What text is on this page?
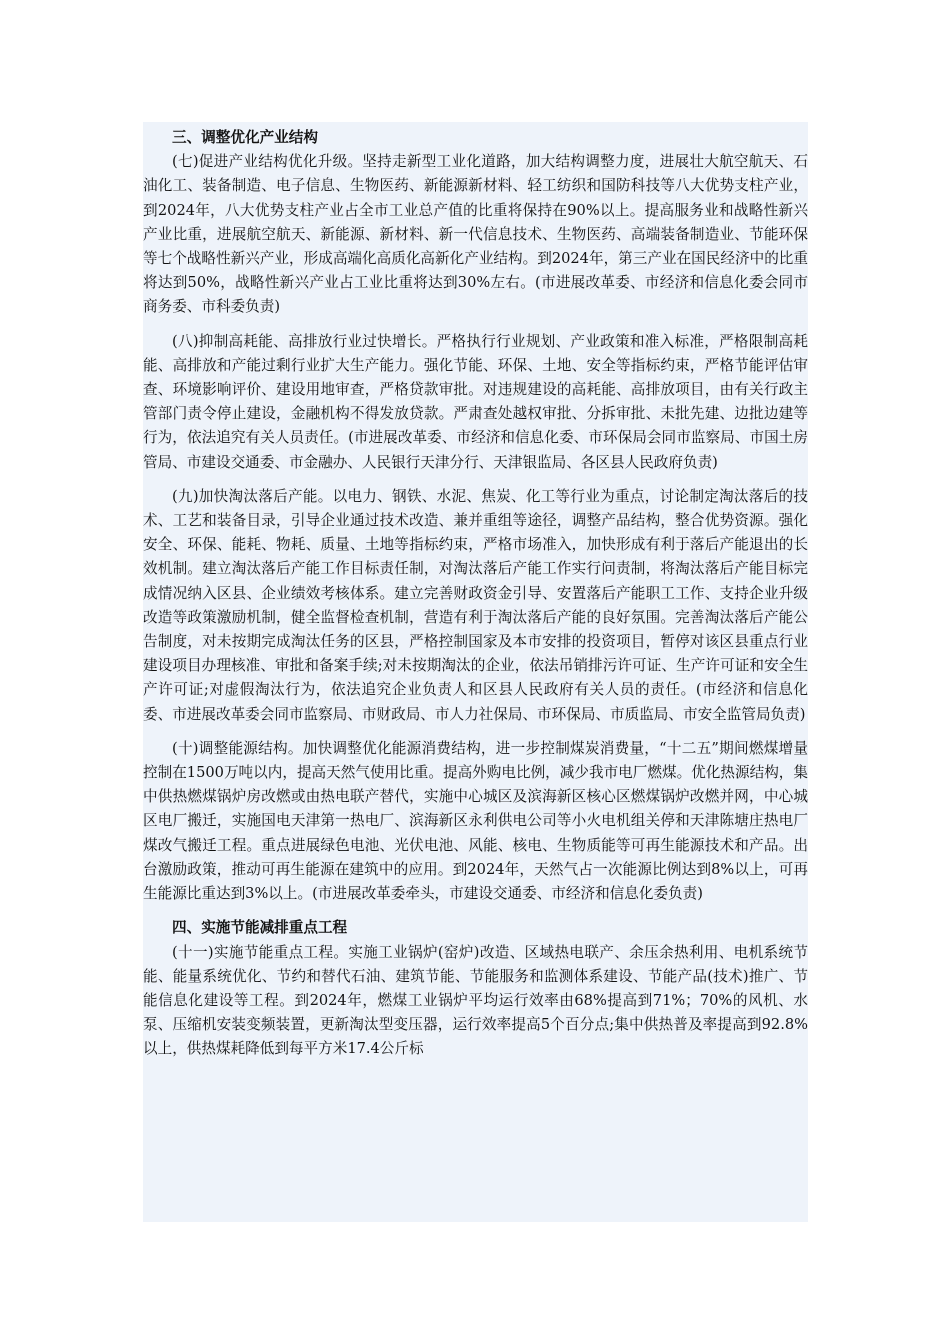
三、调整优化产业结构

(七)促进产业结构优化升级。坚持走新型工业化道路，加大结构调整力度，进展壮大航空航天、石油化工、装备制造、电子信息、生物医药、新能源新材料、轻工纺织和国防科技等八大优势支柱产业，到2024年，八大优势支柱产业占全市工业总产值的比重将保持在90%以上。提高服务业和战略性新兴产业比重，进展航空航天、新能源、新材料、新一代信息技术、生物医药、高端装备制造业、节能环保等七个战略性新兴产业，形成高端化高质化高新化产业结构。到2024年，第三产业在国民经济中的比重将达到50%，战略性新兴产业占工业比重将达到30%左右。(市进展改革委、市经济和信息化委会同市商务委、市科委负责)

(八)抑制高耗能、高排放行业过快增长。严格执行行业规划、产业政策和准入标准，严格限制高耗能、高排放和产能过剩行业扩大生产能力。强化节能、环保、土地、安全等指标约束，严格节能评估审查、环境影响评价、建设用地审查，严格贷款审批。对违规建设的高耗能、高排放项目，由有关行政主管部门责令停止建设，金融机构不得发放贷款。严肃查处越权审批、分拆审批、未批先建、边批边建等行为，依法追究有关人员责任。(市进展改革委、市经济和信息化委、市环保局会同市监察局、市国土房管局、市建设交通委、市金融办、人民银行天津分行、天津银监局、各区县人民政府负责)

(九)加快淘汰落后产能。以电力、钢铁、水泥、焦炭、化工等行业为重点，讨论制定淘汰落后的技术、工艺和装备目录，引导企业通过技术改造、兼并重组等途径，调整产品结构，整合优势资源。强化安全、环保、能耗、物耗、质量、土地等指标约束，严格市场准入，加快形成有利于落后产能退出的长效机制。建立淘汰落后产能工作目标责任制，对淘汰落后产能工作实行问责制，将淘汰落后产能目标完成情况纳入区县、企业绩效考核体系。建立完善财政资金引导、安置落后产能职工工作、支持企业升级改造等政策激励机制，健全监督检查机制，营造有利于淘汰落后产能的良好氛围。完善淘汰落后产能公告制度，对未按期完成淘汰任务的区县，严格控制国家及本市安排的投资项目，暂停对该区县重点行业建设项目办理核准、审批和备案手续;对未按期淘汰的企业，依法吊销排污许可证、生产许可证和安全生产许可证;对虚假淘汰行为，依法追究企业负责人和区县人民政府有关人员的责任。(市经济和信息化委、市进展改革委会同市监察局、市财政局、市人力社保局、市环保局、市质监局、市安全监管局负责)

(十)调整能源结构。加快调整优化能源消费结构，进一步控制煤炭消费量，“十二五”期间燃煤增量控制在1500万吨以内，提高天然气使用比重。提高外购电比例，减少我市电厂燃煤。优化热源结构，集中供热燃煤锅炉房改燃或由热电联产替代，实施中心城区及滨海新区核心区燃煤锅炉改燃并网，中心城区电厂搬迁，实施国电天津第一热电厂、滨海新区永利供电公司等小火电机组关停和天津陈塘庄热电厂煤改气搬迁工程。重点进展绿色电池、光伏电池、风能、核电、生物质能等可再生能源技术和产品。出台激励政策，推动可再生能源在建筑中的应用。到2024年，天然气占一次能源比例达到8%以上，可再生能源比重达到3%以上。(市进展改革委牵头，市建设交通委、市经济和信息化委负责)

四、实施节能减排重点工程

(十一)实施节能重点工程。实施工业锅炉(窑炉)改造、区域热电联产、余压余热利用、电机系统节能、能量系统优化、节约和替代石油、建筑节能、节能服务和监测体系建设、节能产品(技术)推广、节能信息化建设等工程。到2024年，燃煤工业锅炉平均运行效率由68%提高到71%；70%的风机、水泵、压缩机安装变频装置，更新淘汰型变压器，运行效率提高5个百分点;集中供热普及率提高到92.8%以上，供热煤耗降低到每平方米17.4公斤标
